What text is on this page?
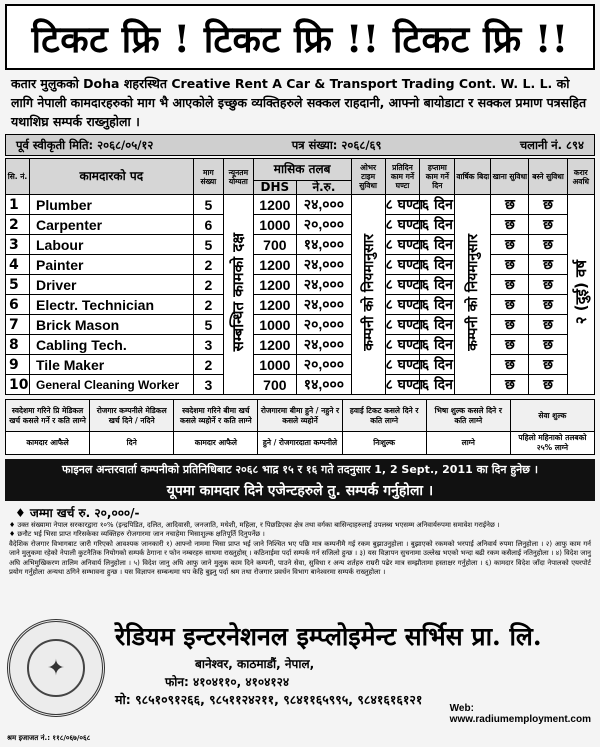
टिकट फ्रि ! टिकट फ्रि !! टिकट फ्रि !!

कतार मुलुकको Doha शहरस्थित Creative Rent A Car & Transport Trading Cont. W. L. L. को लागि नेपाली कामदारहरुको माग भै आएकोले इच्छुक व्यक्तिहरुले सक्कल राहदानी, आफ्नो बायोडाटा र सक्कल प्रमाण पत्रसहित यथाशिघ्र सम्पर्क राख्नुहोला ।

पूर्व स्वीकृती मिति: २०६८/०५/१२	पत्र संख्या: २०६८/६९	चलानी नं. ८९४
सि. नं.	कामदारको पद	माग संख्या	न्यूनतम योग्यता	मासिक तलब		ओभर टाइम सुविधा	प्रतिदिन काम गर्ने घण्टा	हप्तामा काम गर्ने दिन	वार्षिक बिदा	खाना सुविधा	बस्ने सुविधा	करार अवधि
				DHS	ने.रु.							
1	Plumber	5	सम्बन्धित कामको दक्ष	1200	२४,०००	कम्पनी को नियमानुसार	८ घण्टा	६ दिन	कम्पनी को नियमानुसार	छ	छ	२ (दुई) वर्ष
2	Carpenter	6		1000	२०,०००		८ घण्टा	६ दिन		छ	छ	
3	Labour	5		700	१४,०००		८ घण्टा	६ दिन		छ	छ	
4	Painter	2		1200	२४,०००		८ घण्टा	६ दिन		छ	छ	
5	Driver	2		1200	२४,०००		८ घण्टा	६ दिन		छ	छ	
6	Electr. Technician	2		1200	२४,०००		८ घण्टा	६ दिन		छ	छ	
7	Brick Mason	5		1000	२०,०००		८ घण्टा	६ दिन		छ	छ	
8	Cabling Tech.	3		1200	२४,०००		८ घण्टा	६ दिन		छ	छ	
9	Tile Maker	2		1000	२०,०००		८ घण्टा	६ दिन		छ	छ	
10	General Cleaning Worker	3		700	१४,०००		८ घण्टा	६ दिन		छ	छ	
स्वदेशमा गरिने प्रि मेडिकल खर्च कसले गर्ने र कति लाग्ने	रोजगार कम्पनीले मेडिकल खर्च दिने / नदिने	स्वदेशमा गरिने बीमा खर्च कसले व्यहोर्ने र कति लाग्ने	रोजगारमा बीमा हुने / नहुने र कसले व्यहोर्ने	हवाई टिकट कसले दिने र कति लाग्ने	भिषा शुल्क कसले दिने र कति लाग्ने	सेवा शुल्क
कामदार आफैले	दिने	कामदार आफैले	हुने / रोजगारदाता कम्पनीले	निःशुल्क	लाग्ने	पहिलो महिनाको तलबको २५% लाग्ने
फाइनल अन्तरवार्ता कम्पनीको प्रतिनिधिबाट २०६८ भाद्र १५ र १६ गते तदनुसार 1, 2 Sept., 2011 का दिन हुनेछ ।
यूपमा कामदार दिने एजेन्टहरुले तु. सम्पर्क गर्नुहोला ।

♦ जम्मा खर्च रु. २०,०००/-

♦ उक्त संख्यामा नेपाल सरकारद्वारा १०% (इन्द्रपिडित, दलित, आदिवासी, जनजाति, मधेशी, महिला, र पिछडिएका क्षेत्र तथा वर्गका बासिन्दाहरुलाई उपलब्ध भएसम्म अनिवार्यरुपमा समावेश गराईनेछ ।

♦ छनौट भई भिसा प्राप्त गरिसकेका व्यक्तिहरु रोजगारमा जान नचाहेमा भिसाशुल्क क्षतिपूर्ति दिनुपर्नेछ ।

वैदेशिक रोजगार विभागबाट जारी गरिएको आवश्यक जानकारी १) आफ्नो नाममा भिसा प्राप्त भई जाने निश्चित भए पछि मात्र कम्पनीमै गई रकम बुझाउनुहोला । बुझाएको रकमको भरपाई अनिवार्य रुपमा लिनुहोला । २) आफु काम गर्न जाने मुलुकमा रहेको नेपाली कुटनैतिक नियोगको सम्पर्क ठेगाना र फोन नम्बरहरु साथमा राख्नुहोस् । कठिनाईमा पर्दा सम्पर्क गर्न सजिलो हुन्छ । ३) यस विज्ञापन सुचनामा उल्लेख भएको भन्दा बढी रकम कसैलाई नतिनुहोला । ४) विदेश जानु अघि अभिमुखिकरण तालिम अनिवार्य लिनुहोला । ५) विदेश जानु अघि आफु जाने मुलुक काम दिने कम्पनी, पाउने सेवा, सुविधा र अन्य शर्तहरु राम्ररी पढेर मात्र सम्झौतामा हस्ताक्षर गर्नुहोला । ६) कामदार विदेश जाँदा नेपालको एयरपोर्ट प्रयोग गर्नुहोला अन्यथा ठगिने सम्भावना हुन्छ । यस विज्ञापन सम्बन्धमा थप केहि बुझ्नु पर्दा श्रम तथा रोजगार प्रवर्धन विभाग बानेश्वरमा सम्पर्क राख्नुहोला ।

✦
रेडियम इन्टरनेशनल इम्प्लोइमेन्ट सर्भिस प्रा. लि.
बानेश्वर, काठमाडौं, नेपाल,
फोन: ४१०४११०, ४१०४१२४
मो: ९८५१०९१२६६, ९८५११२४२११, ९८४११६५९९५, ९८४१६१६१२१
Web:
www.radiumemployment.com
श्रम इजाजत नं.: ११८/०६७/०६८
